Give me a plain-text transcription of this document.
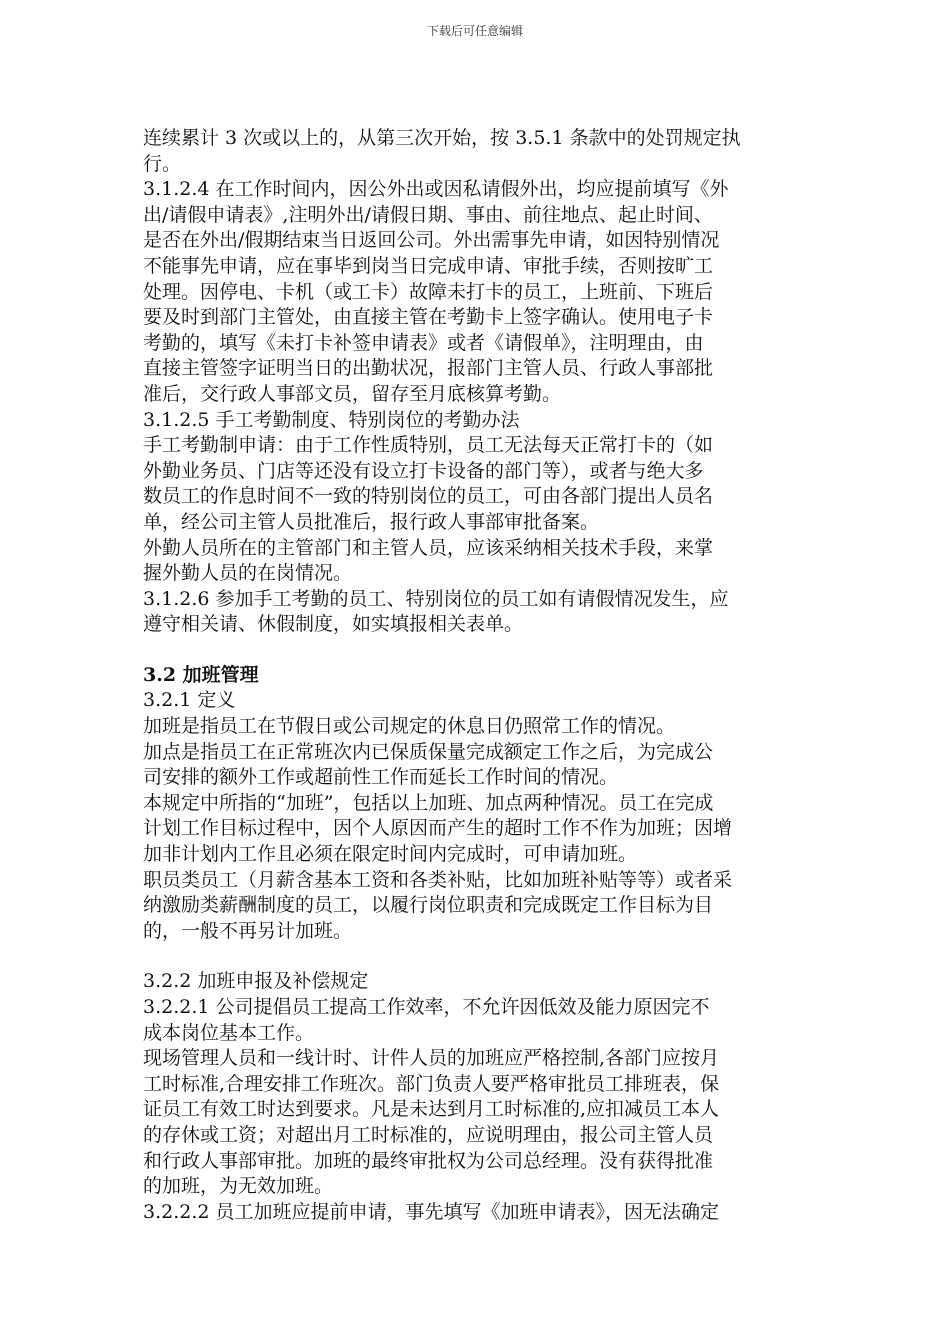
下载后可任意编辑
连续累计 3 次或以上的，从第三次开始，按 3.5.1 条款中的处罚规定执
行。
3.1.2.4 在工作时间内，因公外出或因私请假外出，均应提前填写《外
出/请假申请表》,注明外出/请假日期、事由、前往地点、起止时间、
是否在外出/假期结束当日返回公司。外出需事先申请，如因特别情况
不能事先申请，应在事毕到岗当日完成申请、审批手续，否则按旷工
处理。因停电、卡机（或工卡）故障未打卡的员工，上班前、下班后
要及时到部门主管处，由直接主管在考勤卡上签字确认。使用电子卡
考勤的，填写《未打卡补签申请表》或者《请假单》，注明理由，由
直接主管签字证明当日的出勤状况，报部门主管人员、行政人事部批
准后，交行政人事部文员，留存至月底核算考勤。
3.1.2.5 手工考勤制度、特别岗位的考勤办法
手工考勤制申请：由于工作性质特别，员工无法每天正常打卡的（如
外勤业务员、门店等还没有设立打卡设备的部门等），或者与绝大多
数员工的作息时间不一致的特别岗位的员工，可由各部门提出人员名
单，经公司主管人员批准后，报行政人事部审批备案。
外勤人员所在的主管部门和主管人员，应该采纳相关技术手段，来掌
握外勤人员的在岗情况。
3.1.2.6 参加手工考勤的员工、特别岗位的员工如有请假情况发生，应
遵守相关请、休假制度，如实填报相关表单。
3.2 加班管理
3.2.1 定义
加班是指员工在节假日或公司规定的休息日仍照常工作的情况。
加点是指员工在正常班次内已保质保量完成额定工作之后，为完成公
司安排的额外工作或超前性工作而延长工作时间的情况。
本规定中所指的“加班”，包括以上加班、加点两种情况。员工在完成
计划工作目标过程中，因个人原因而产生的超时工作不作为加班；因增
加非计划内工作且必须在限定时间内完成时，可申请加班。
职员类员工（月薪含基本工资和各类补贴，比如加班补贴等等）或者采
纳激励类薪酬制度的员工，以履行岗位职责和完成既定工作目标为目
的，一般不再另计加班。
3.2.2 加班申报及补偿规定
3.2.2.1 公司提倡员工提高工作效率，不允许因低效及能力原因完不
成本岗位基本工作。
现场管理人员和一线计时、计件人员的加班应严格控制,各部门应按月
工时标准,合理安排工作班次。部门负责人要严格审批员工排班表，保
证员工有效工时达到要求。凡是未达到月工时标准的,应扣减员工本人
的存休或工资；对超出月工时标准的，应说明理由，报公司主管人员
和行政人事部审批。加班的最终审批权为公司总经理。没有获得批准
的加班，为无效加班。
3.2.2.2 员工加班应提前申请，事先填写《加班申请表》，因无法确定
